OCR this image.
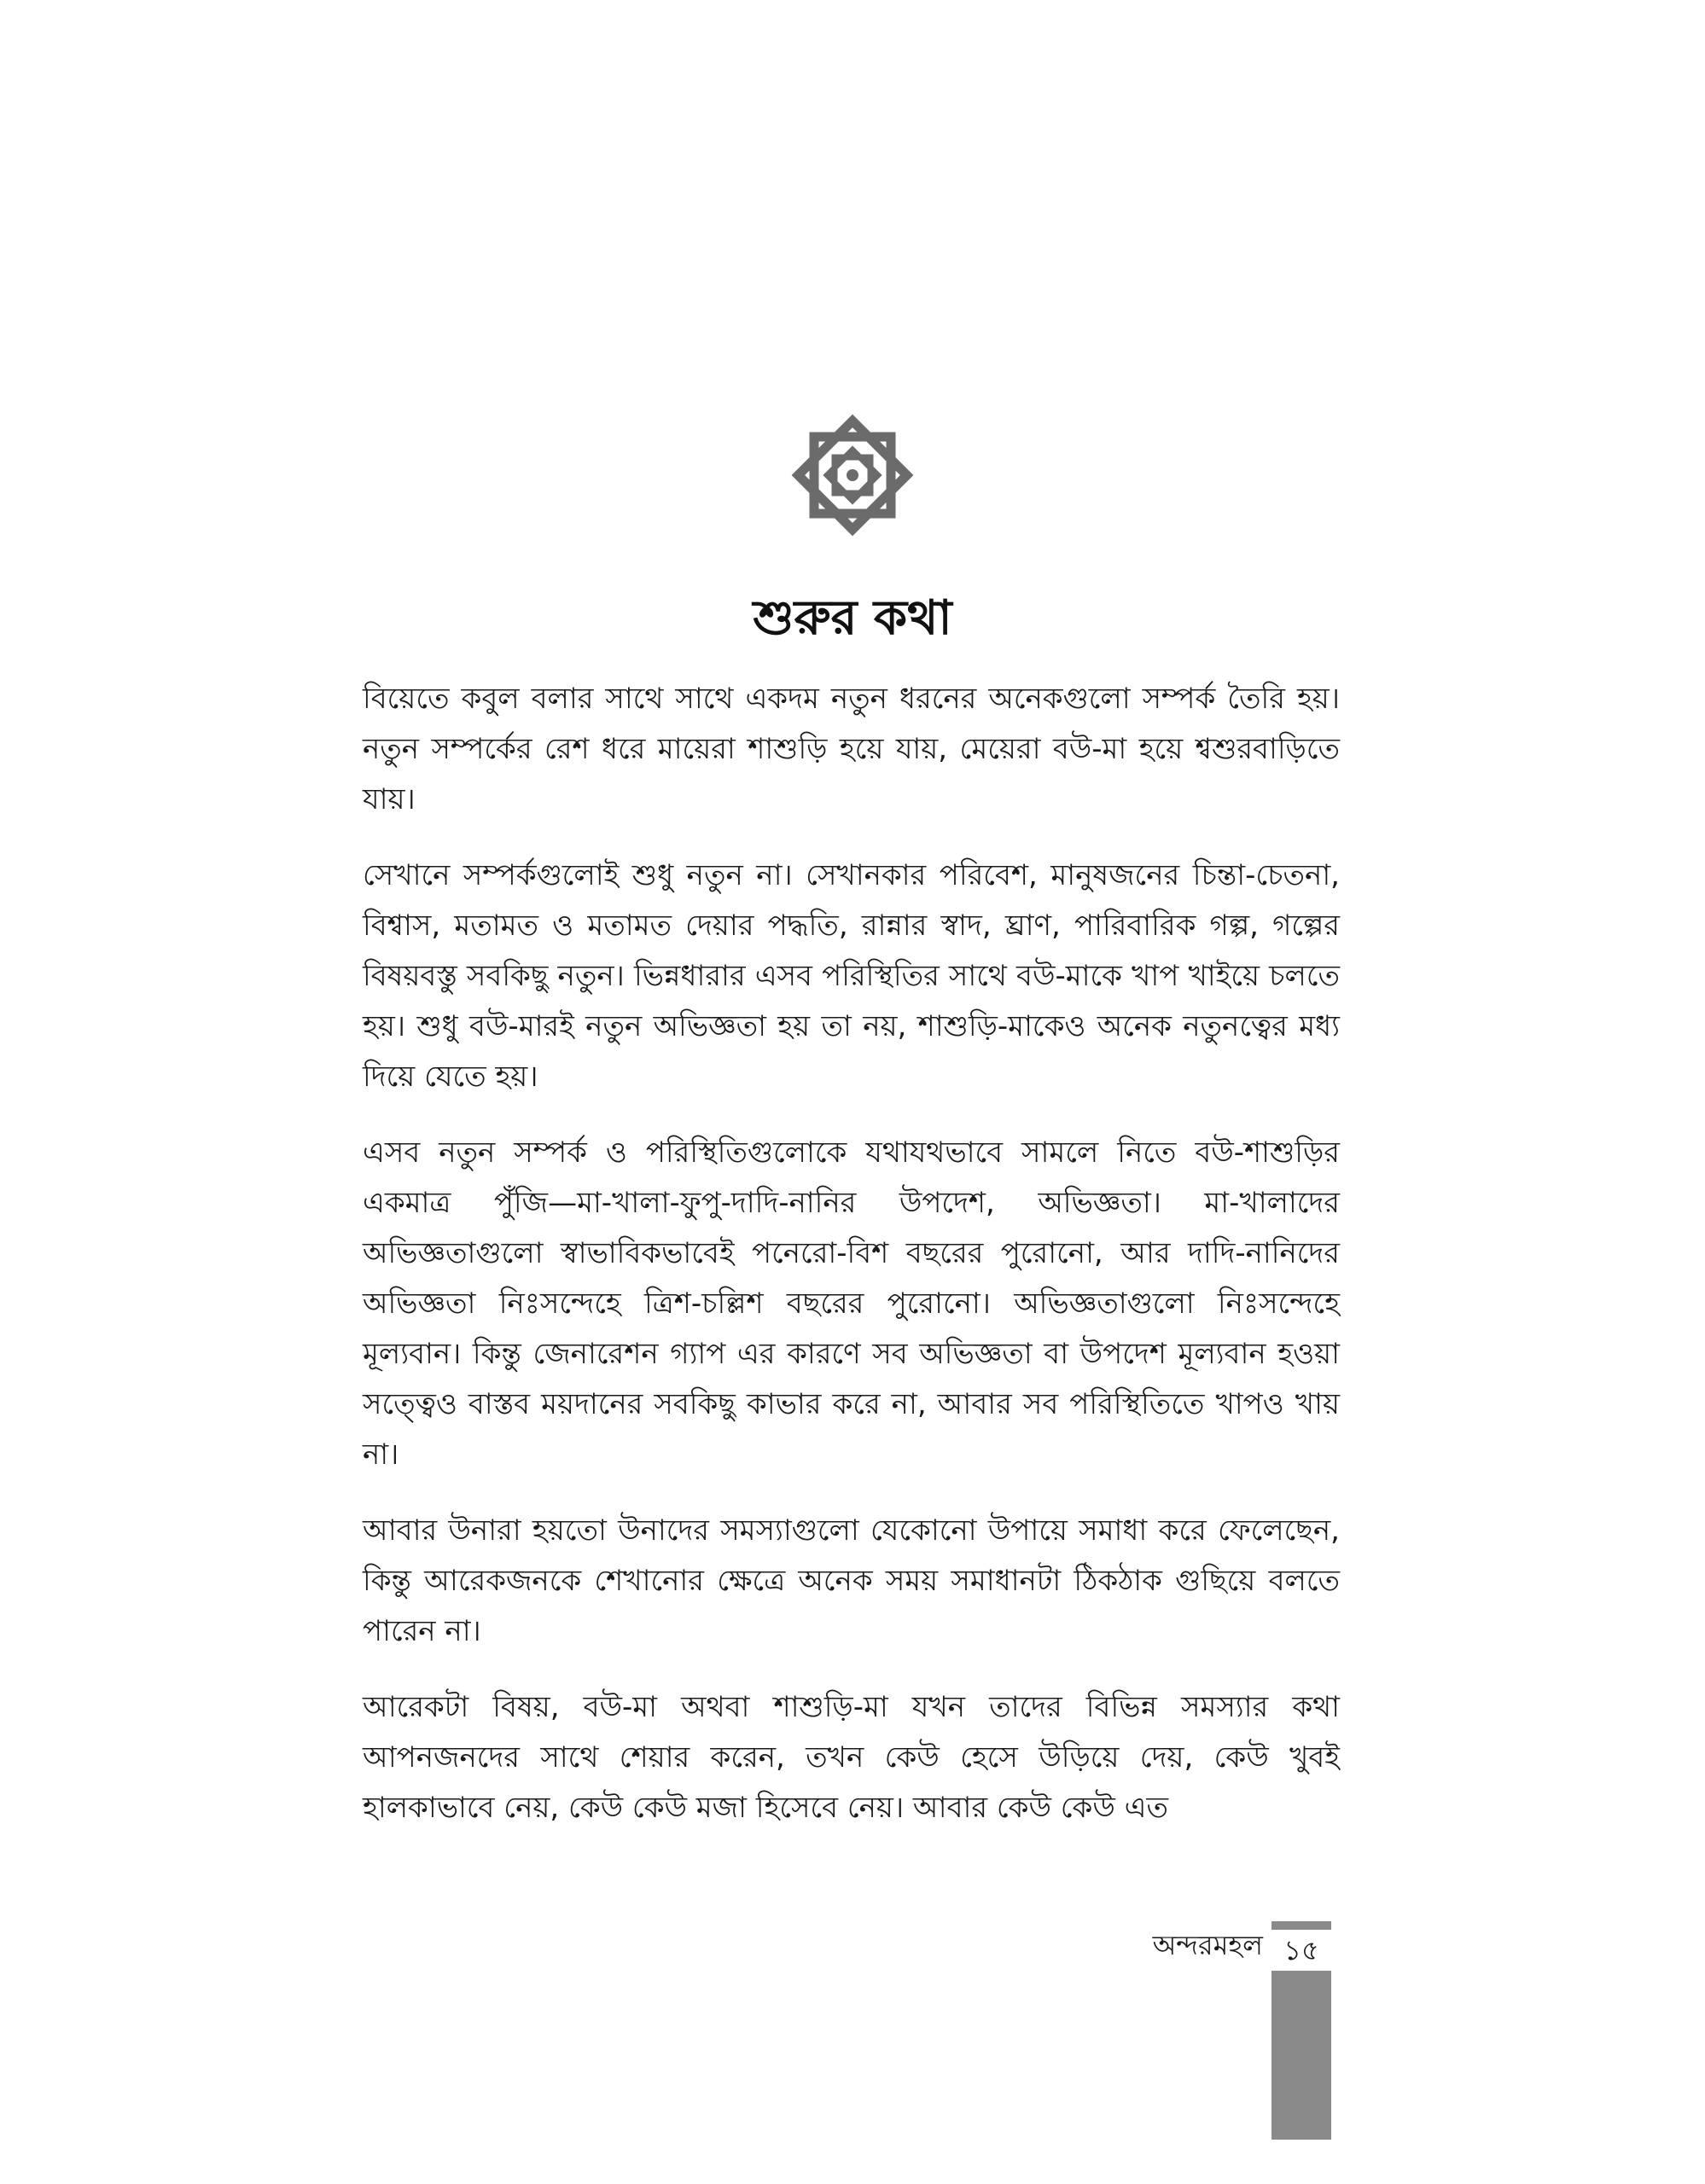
শুরুর কথা

বিয়েতে কবুল বলার সাথে সাথে একদম নতুন ধরনের অনেকগুলো সম্পর্ক তৈরি হয়। নতুন সম্পর্কের রেশ ধরে মায়েরা শাশুড়ি হয়ে যায়, মেয়েরা বউ-মা হয়ে শ্বশুরবাড়িতে যায়।

সেখানে সম্পর্কগুলোই শুধু নতুন না। সেখানকার পরিবেশ, মানুষজনের চিন্তা-চেতনা, বিশ্বাস, মতামত ও মতামত দেয়ার পদ্ধতি, রান্নার স্বাদ, ঘ্রাণ, পারিবারিক গল্প, গল্পের বিষয়বস্তু সবকিছু নতুন। ভিন্নধারার এসব পরিস্থিতির সাথে বউ-মাকে খাপ খাইয়ে চলতে হয়। শুধু বউ-মারই নতুন অভিজ্ঞতা হয় তা নয়, শাশুড়ি-মাকেও অনেক নতুনত্বের মধ্য দিয়ে যেতে হয়।

এসব নতুন সম্পর্ক ও পরিস্থিতিগুলোকে যথাযথভাবে সামলে নিতে বউ-শাশুড়ির একমাত্র পুঁজি—মা-খালা-ফুপু-দাদি-নানির উপদেশ, অভিজ্ঞতা। মা-খালাদের অভিজ্ঞতাগুলো স্বাভাবিকভাবেই পনেরো-বিশ বছরের পুরোনো, আর দাদি-নানিদের অভিজ্ঞতা নিঃসন্দেহে ত্রিশ-চল্লিশ বছরের পুরোনো। অভিজ্ঞতাগুলো নিঃসন্দেহে মূল্যবান। কিন্তু জেনারেশন গ্যাপ এর কারণে সব অভিজ্ঞতা বা উপদেশ মূল্যবান হওয়া সত্ত্বেও বাস্তব ময়দানের সবকিছু কাভার করে না, আবার সব পরিস্থিতিতে খাপও খায় না।

আবার উনারা হয়তো উনাদের সমস্যাগুলো যেকোনো উপায়ে সমাধা করে ফেলেছেন, কিন্তু আরেকজনকে শেখানোর ক্ষেত্রে অনেক সময় সমাধানটা ঠিকঠাক গুছিয়ে বলতে পারেন না।

আরেকটা বিষয়, বউ-মা অথবা শাশুড়ি-মা যখন তাদের বিভিন্ন সমস্যার কথা আপনজনদের সাথে শেয়ার করেন, তখন কেউ হেসে উড়িয়ে দেয়, কেউ খুবই হালকাভাবে নেয়, কেউ কেউ মজা হিসেবে নেয়। আবার কেউ কেউ এত

অন্দরমহল ১৫
